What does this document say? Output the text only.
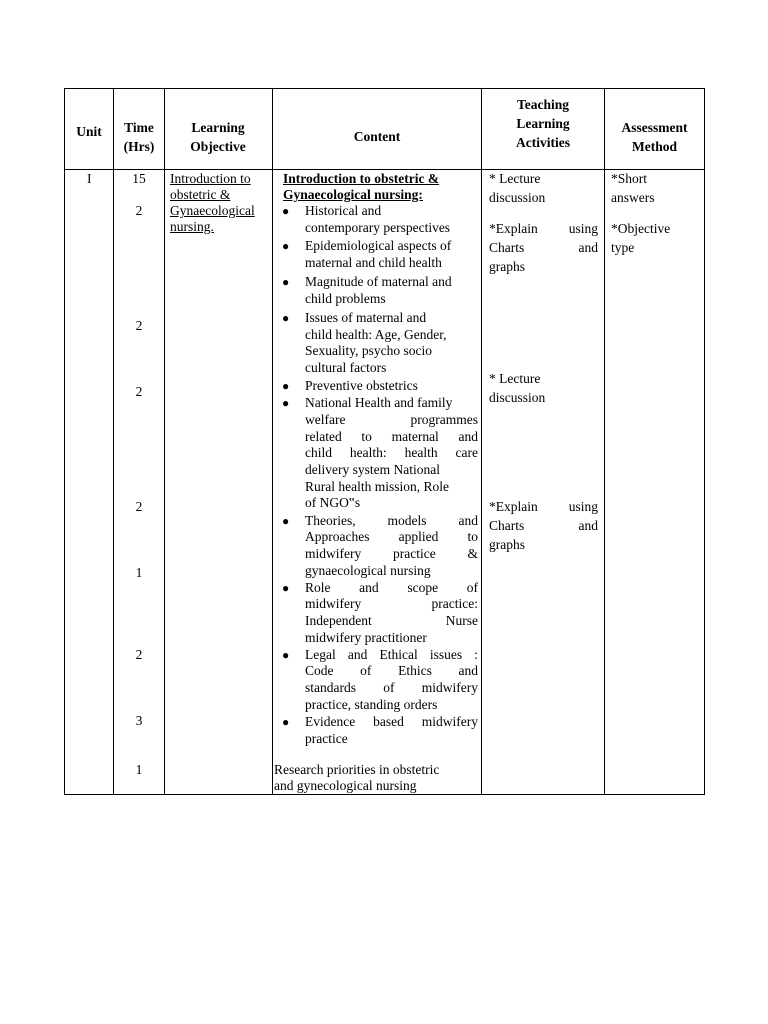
Unit	Time
(Hrs)
Learning
Objective
Content
Teaching
Learning
Activities
Assessment
Method
I	15
2
2
2
2
1
2
3
1
Introduction to
obstetric &
Gynaecological
nursing.
Introduction to obstetric &
Gynaecological nursing:
● Historical and
contemporary perspectives
● Epidemiological aspects of
maternal and child health
● Magnitude of maternal and
child problems
● Issues of maternal and
child health: Age, Gender,
Sexuality, psycho socio
cultural factors
● Preventive obstetrics
● National Health and family
welfare programmes
related to maternal and
child health: health care
delivery system National
Rural health mission, Role
of NGO‟s
● Theories, models and
Approaches applied to
midwifery practice &
gynaecological nursing
● Role and scope of
midwifery practice:
Independent Nurse
midwifery practitioner
● Legal and Ethical issues :
Code of Ethics and
standards of midwifery
practice, standing orders
● Evidence based midwifery
practice
Research priorities in obstetric
and gynecological nursing
* Lecture
discussion
*Explain using
Charts and
graphs
* Lecture
discussion
*Explain using
Charts and
graphs
*Short
answers
*Objective
type
